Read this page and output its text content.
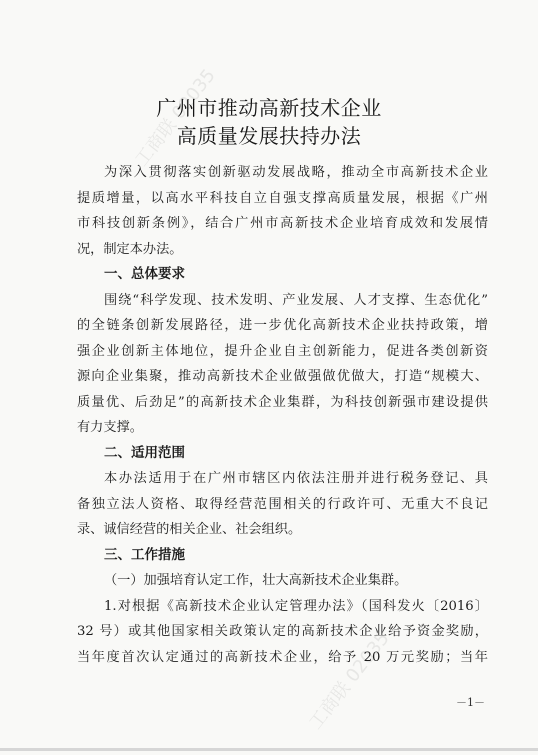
工商联 02035
工商联 02035
广州市推动高新技术企业
高质量发展扶持办法
为深入贯彻落实创新驱动发展战略，推动全市高新技术企业
提质增量，以高水平科技自立自强支撑高质量发展，根据《广州
市科技创新条例》，结合广州市高新技术企业培育成效和发展情
况，制定本办法。
一、总体要求
围绕“科学发现、技术发明、产业发展、人才支撑、生态优化”
的全链条创新发展路径，进一步优化高新技术企业扶持政策，增
强企业创新主体地位，提升企业自主创新能力，促进各类创新资
源向企业集聚，推动高新技术企业做强做优做大，打造“规模大、
质量优、后劲足”的高新技术企业集群，为科技创新强市建设提供
有力支撑。
二、适用范围
本办法适用于在广州市辖区内依法注册并进行税务登记、具
备独立法人资格、取得经营范围相关的行政许可、无重大不良记
录、诚信经营的相关企业、社会组织。
三、工作措施
（一）加强培育认定工作，壮大高新技术企业集群。
1.对根据《高新技术企业认定管理办法》（国科发火〔2016〕
32 号）或其他国家相关政策认定的高新技术企业给予资金奖励，
当年度首次认定通过的高新技术企业，给予 20 万元奖励；当年
－1－
